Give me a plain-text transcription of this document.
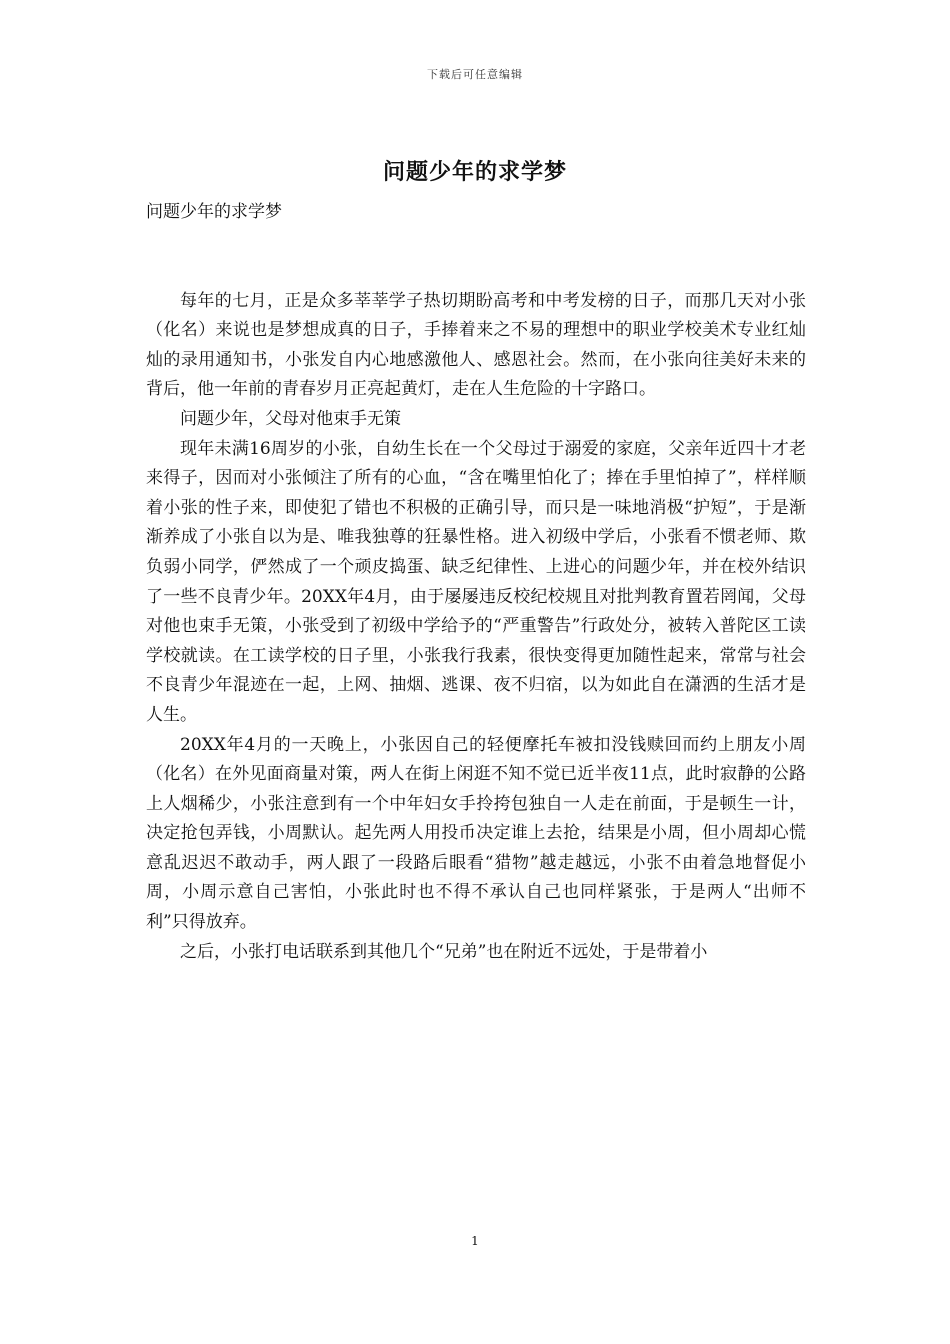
下载后可任意编辑
问题少年的求学梦

问题少年的求学梦

每年的七月，正是众多莘莘学子热切期盼高考和中考发榜的日子，而那几天对小张（化名）来说也是梦想成真的日子，手捧着来之不易的理想中的职业学校美术专业红灿灿的录用通知书，小张发自内心地感激他人、感恩社会。然而，在小张向往美好未来的背后，他一年前的青春岁月正亮起黄灯，走在人生危险的十字路口。

问题少年，父母对他束手无策

现年未满16周岁的小张，自幼生长在一个父母过于溺爱的家庭，父亲年近四十才老来得子，因而对小张倾注了所有的心血，“含在嘴里怕化了；捧在手里怕掉了”，样样顺着小张的性子来，即使犯了错也不积极的正确引导，而只是一味地消极“护短”，于是渐渐养成了小张自以为是、唯我独尊的狂暴性格。进入初级中学后，小张看不惯老师、欺负弱小同学，俨然成了一个顽皮捣蛋、缺乏纪律性、上进心的问题少年，并在校外结识了一些不良青少年。20XX年4月，由于屡屡违反校纪校规且对批判教育置若罔闻，父母对他也束手无策，小张受到了初级中学给予的“严重警告”行政处分，被转入普陀区工读学校就读。在工读学校的日子里，小张我行我素，很快变得更加随性起来，常常与社会不良青少年混迹在一起，上网、抽烟、逃课、夜不归宿，以为如此自在潇洒的生活才是人生。

20XX年4月的一天晚上，小张因自己的轻便摩托车被扣没钱赎回而约上朋友小周（化名）在外见面商量对策，两人在街上闲逛不知不觉已近半夜11点，此时寂静的公路上人烟稀少，小张注意到有一个中年妇女手拎挎包独自一人走在前面，于是顿生一计，决定抢包弄钱，小周默认。起先两人用投币决定谁上去抢，结果是小周，但小周却心慌意乱迟迟不敢动手，两人跟了一段路后眼看“猎物”越走越远，小张不由着急地督促小周，小周示意自己害怕，小张此时也不得不承认自己也同样紧张，于是两人“出师不利”只得放弃。

之后，小张打电话联系到其他几个“兄弟”也在附近不远处，于是带着小

1
